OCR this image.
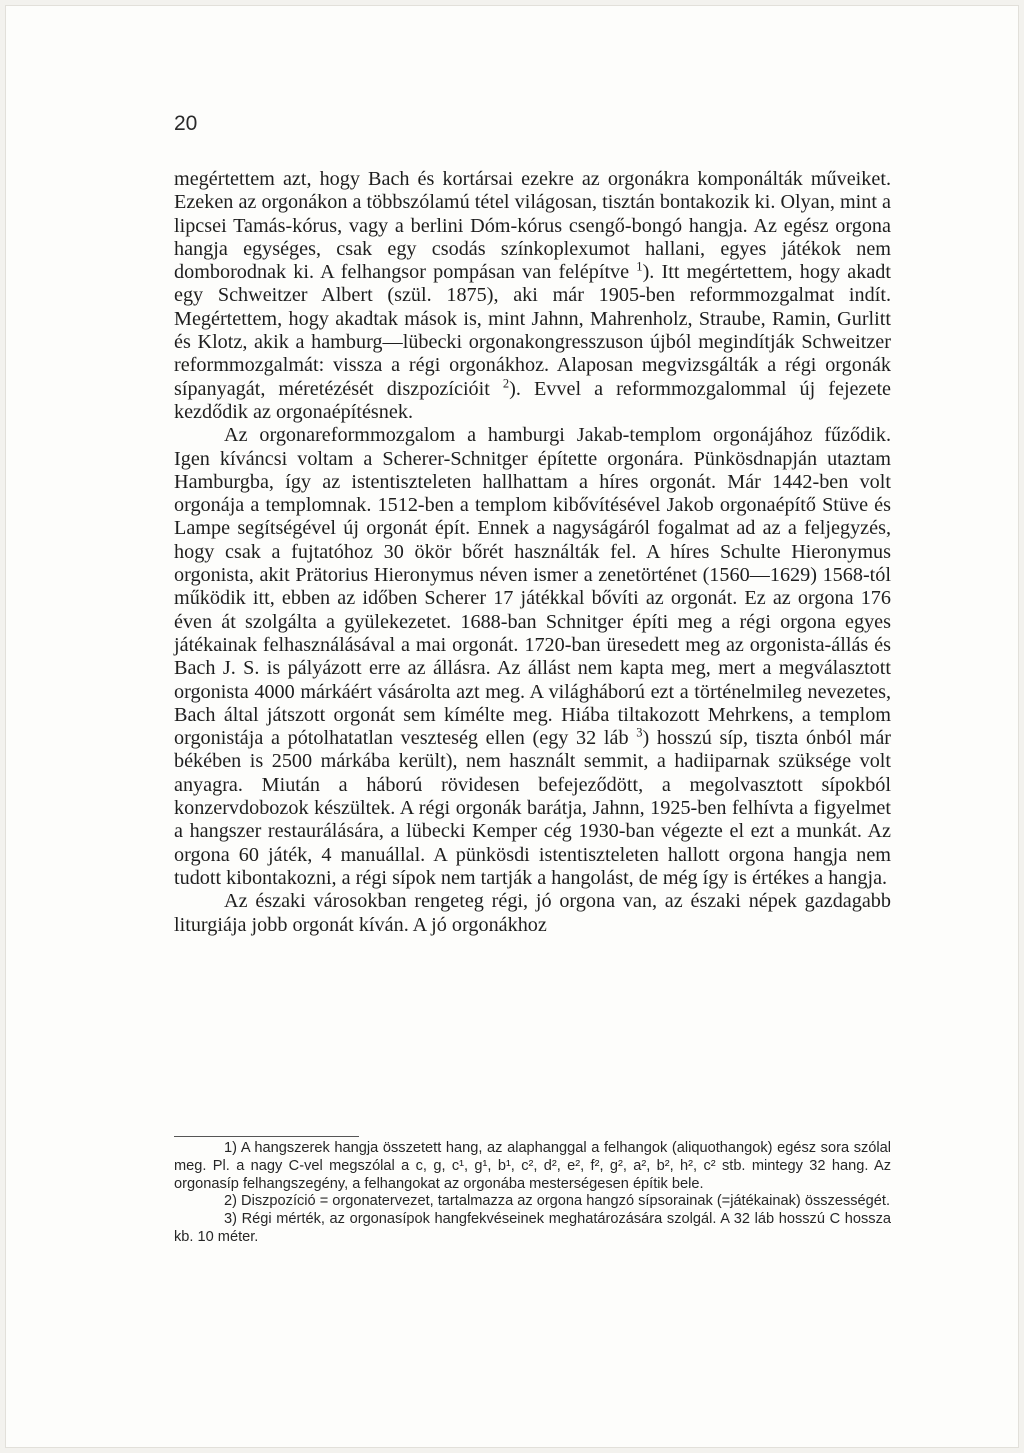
20

megértettem azt, hogy Bach és kortársai ezekre az orgonákra komponálták műveiket. Ezeken az orgonákon a többszólamú tétel világosan, tisztán bontakozik ki. Olyan, mint a lipcsei Tamás-kórus, vagy a berlini Dóm-kórus csengő-bongó hangja. Az egész orgona hangja egységes, csak egy csodás színkoplexumot hallani, egyes játékok nem domborodnak ki. A felhangsor pompásan van felépítve $^1$). Itt megértettem, hogy akadt egy Schweitzer Albert (szül. 1875), aki már 1905-ben reformmozgalmat indít. Megértettem, hogy akadtak mások is, mint Jahnn, Mahrenholz, Straube, Ramin, Gurlitt és Klotz, akik a hamburg—lübecki orgonakongresszuson újból megindítják Schweitzer reformmozgalmát: vissza a régi orgonákhoz. Alaposan megvizsgálták a régi orgonák sípanyagát, méretézését diszpozícióit $^2$). Evvel a reformmozgalommal új fejezete kezdődik az orgonaépítésnek.

Az orgonareformmozgalom a hamburgi Jakab-templom orgonájához fűződik. Igen kíváncsi voltam a Scherer-Schnitger építette orgonára. Pünkösdnapján utaztam Hamburgba, így az istentiszteleten hallhattam a híres orgonát. Már 1442-ben volt orgonája a templomnak. 1512-ben a templom kibővítésével Jakob orgonaépítő Stüve és Lampe segítségével új orgonát épít. Ennek a nagyságáról fogalmat ad az a feljegyzés, hogy csak a fujtatóhoz 30 ökör bőrét használták fel. A híres Schulte Hieronymus orgonista, akit Prätorius Hieronymus néven ismer a zenetörténet (1560—1629) 1568-tól működik itt, ebben az időben Scherer 17 játékkal bővíti az orgonát. Ez az orgona 176 éven át szolgálta a gyülekezetet. 1688-ban Schnitger építi meg a régi orgona egyes játékainak felhasználásával a mai orgonát. 1720-ban üresedett meg az orgonista-állás és Bach J. S. is pályázott erre az állásra. Az állást nem kapta meg, mert a megválasztott orgonista 4000 márkáért vásárolta azt meg. A világháború ezt a történelmileg nevezetes, Bach által játszott orgonát sem kímélte meg. Hiába tiltakozott Mehrkens, a templom orgonistája a pótolhatatlan veszteség ellen (egy 32 láb $^3$) hosszú síp, tiszta ónból már békében is 2500 márkába került), nem használt semmit, a hadiiparnak szüksége volt anyagra. Miután a háború rövidesen befejeződött, a megolvasztott sípokból konzervdobozok készültek. A régi orgonák barátja, Jahnn, 1925-ben felhívta a figyelmet a hangszer restaurálására, a lübecki Kemper cég 1930-ban végezte el ezt a munkát. Az orgona 60 játék, 4 manuállal. A pünkösdi istentiszteleten hallott orgona hangja nem tudott kibontakozni, a régi sípok nem tartják a hangolást, de még így is értékes a hangja.

Az északi városokban rengeteg régi, jó orgona van, az északi népek gazdagabb liturgiája jobb orgonát kíván. A jó orgonákhoz

1) A hangszerek hangja összetett hang, az alaphanggal a felhangok (aliquothangok) egész sora szólal meg. Pl. a nagy C-vel megszólal a c, g, c¹, g¹, b¹, c², d², e², f², g², a², b², h², c² stb. mintegy 32 hang. Az orgonasíp felhangszegény, a felhangokat az orgonába mesterségesen építik bele.

2) Diszpozíció = orgonatervezet, tartalmazza az orgona hangzó sípsorainak (=játékainak) összességét.

3) Régi mérték, az orgonasípok hangfekvéseinek meghatározására szolgál. A 32 láb hosszú C hossza kb. 10 méter.
